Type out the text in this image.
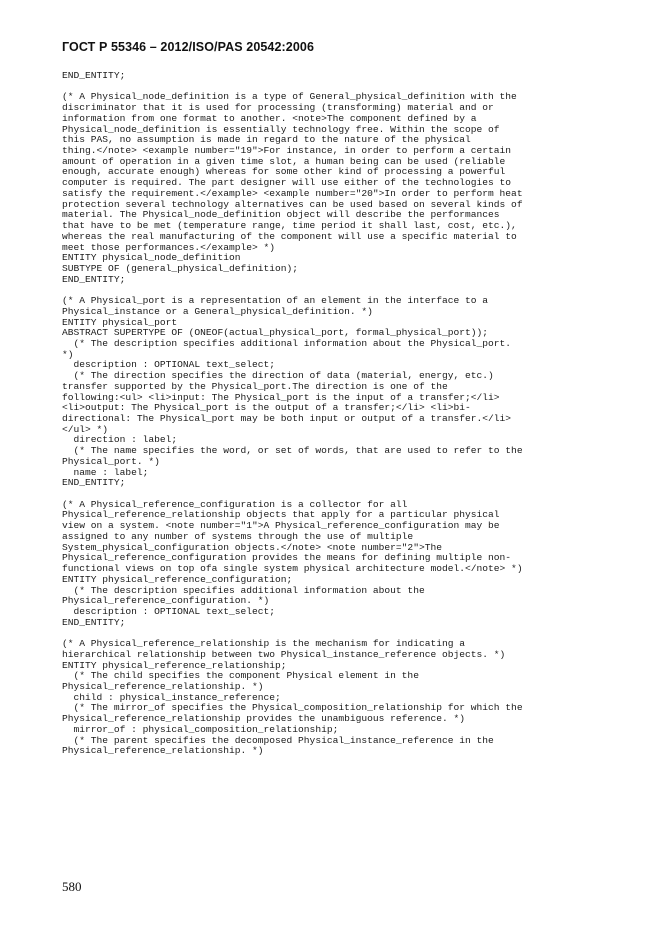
ГОСТ Р 55346 – 2012/ISO/PAS 20542:2006
END_ENTITY;
(* A Physical_node_definition is a type of General_physical_definition with the
discriminator that it is used for processing (transforming) material and or
information from one format to another. <note>The component defined by a
Physical_node_definition is essentially technology free. Within the scope of
this PAS, no assumption is made in regard to the nature of the physical
thing.</note> <example number="19">For instance, in order to perform a certain
amount of operation in a given time slot, a human being can be used (reliable
enough, accurate enough) whereas for some other kind of processing a powerful
computer is required. The part designer will use either of the technologies to
satisfy the requirement.</example> <example number="20">In order to perform heat
protection several technology alternatives can be used based on several kinds of
material. The Physical_node_definition object will describe the performances
that have to be met (temperature range, time period it shall last, cost, etc.),
whereas the real manufacturing of the component will use a specific material to
meet those performances.</example> *)
ENTITY physical_node_definition
SUBTYPE OF (general_physical_definition);
END_ENTITY;
(* A Physical_port is a representation of an element in the interface to a
Physical_instance or a General_physical_definition. *)
ENTITY physical_port
ABSTRACT SUPERTYPE OF (ONEOF(actual_physical_port, formal_physical_port));
(* The description specifies additional information about the Physical_port.
*)
description : OPTIONAL text_select;
(* The direction specifies the direction of data (material, energy, etc.)
transfer supported by the Physical_port.The direction is one of the
following:<ul> <li>input: The Physical_port is the input of a transfer;</li>
<li>output: The Physical_port is the output of a transfer;</li> <li>bi-
directional: The Physical_port may be both input or output of a transfer.</li>
</ul> *)
direction : label;
(* The name specifies the word, or set of words, that are used to refer to the
Physical_port. *)
name : label;
END_ENTITY;
(* A Physical_reference_configuration is a collector for all
Physical_reference_relationship objects that apply for a particular physical
view on a system. <note number="1">A Physical_reference_configuration may be
assigned to any number of systems through the use of multiple
System_physical_configuration objects.</note> <note number="2">The
Physical_reference_configuration provides the means for defining multiple non-
functional views on top ofa single system physical architecture model.</note> *)
ENTITY physical_reference_configuration;
(* The description specifies additional information about the
Physical_reference_configuration. *)
description : OPTIONAL text_select;
END_ENTITY;
(* A Physical_reference_relationship is the mechanism for indicating a
hierarchical relationship between two Physical_instance_reference objects. *)
ENTITY physical_reference_relationship;
(* The child specifies the component Physical element in the
Physical_reference_relationship. *)
child : physical_instance_reference;
(* The mirror_of specifies the Physical_composition_relationship for which the
Physical_reference_relationship provides the unambiguous reference. *)
mirror_of : physical_composition_relationship;
(* The parent specifies the decomposed Physical_instance_reference in the
Physical_reference_relationship. *)
580
